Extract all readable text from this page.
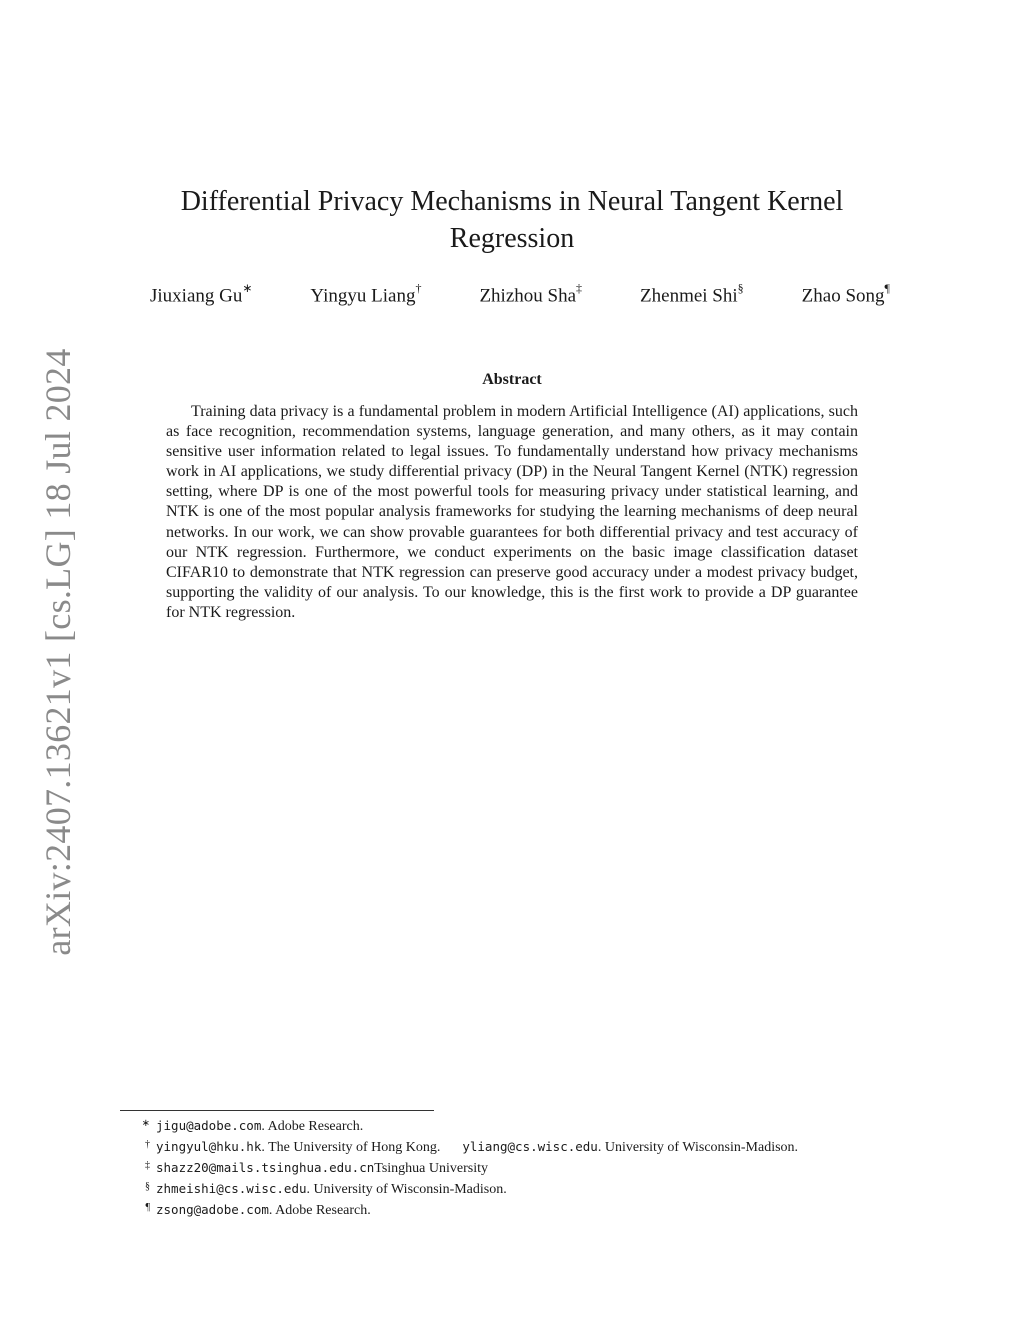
arXiv:2407.13621v1 [cs.LG] 18 Jul 2024
Differential Privacy Mechanisms in Neural Tangent Kernel Regression
Jiuxiang Gu∗	Yingyu Liang†	Zhizhou Sha‡	Zhenmei Shi§	Zhao Song¶
Abstract

Training data privacy is a fundamental problem in modern Artificial Intelligence (AI) applications, such as face recognition, recommendation systems, language generation, and many others, as it may contain sensitive user information related to legal issues. To fundamentally understand how privacy mechanisms work in AI applications, we study differential privacy (DP) in the Neural Tangent Kernel (NTK) regression setting, where DP is one of the most powerful tools for measuring privacy under statistical learning, and NTK is one of the most popular analysis frameworks for studying the learning mechanisms of deep neural networks. In our work, we can show provable guarantees for both differential privacy and test accuracy of our NTK regression. Furthermore, we conduct experiments on the basic image classification dataset CIFAR10 to demonstrate that NTK regression can preserve good accuracy under a modest privacy budget, supporting the validity of our analysis. To our knowledge, this is the first work to provide a DP guarantee for NTK regression.

∗ jigu@adobe.com . Adobe Research.
† yingyul@hku.hk . The University of Hong Kong. yliang@cs.wisc.edu . University of Wisconsin-Madison.
‡ shazz20@mails.tsinghua.edu.cn Tsinghua University
§ zhmeishi@cs.wisc.edu . University of Wisconsin-Madison.
¶ zsong@adobe.com . Adobe Research.
